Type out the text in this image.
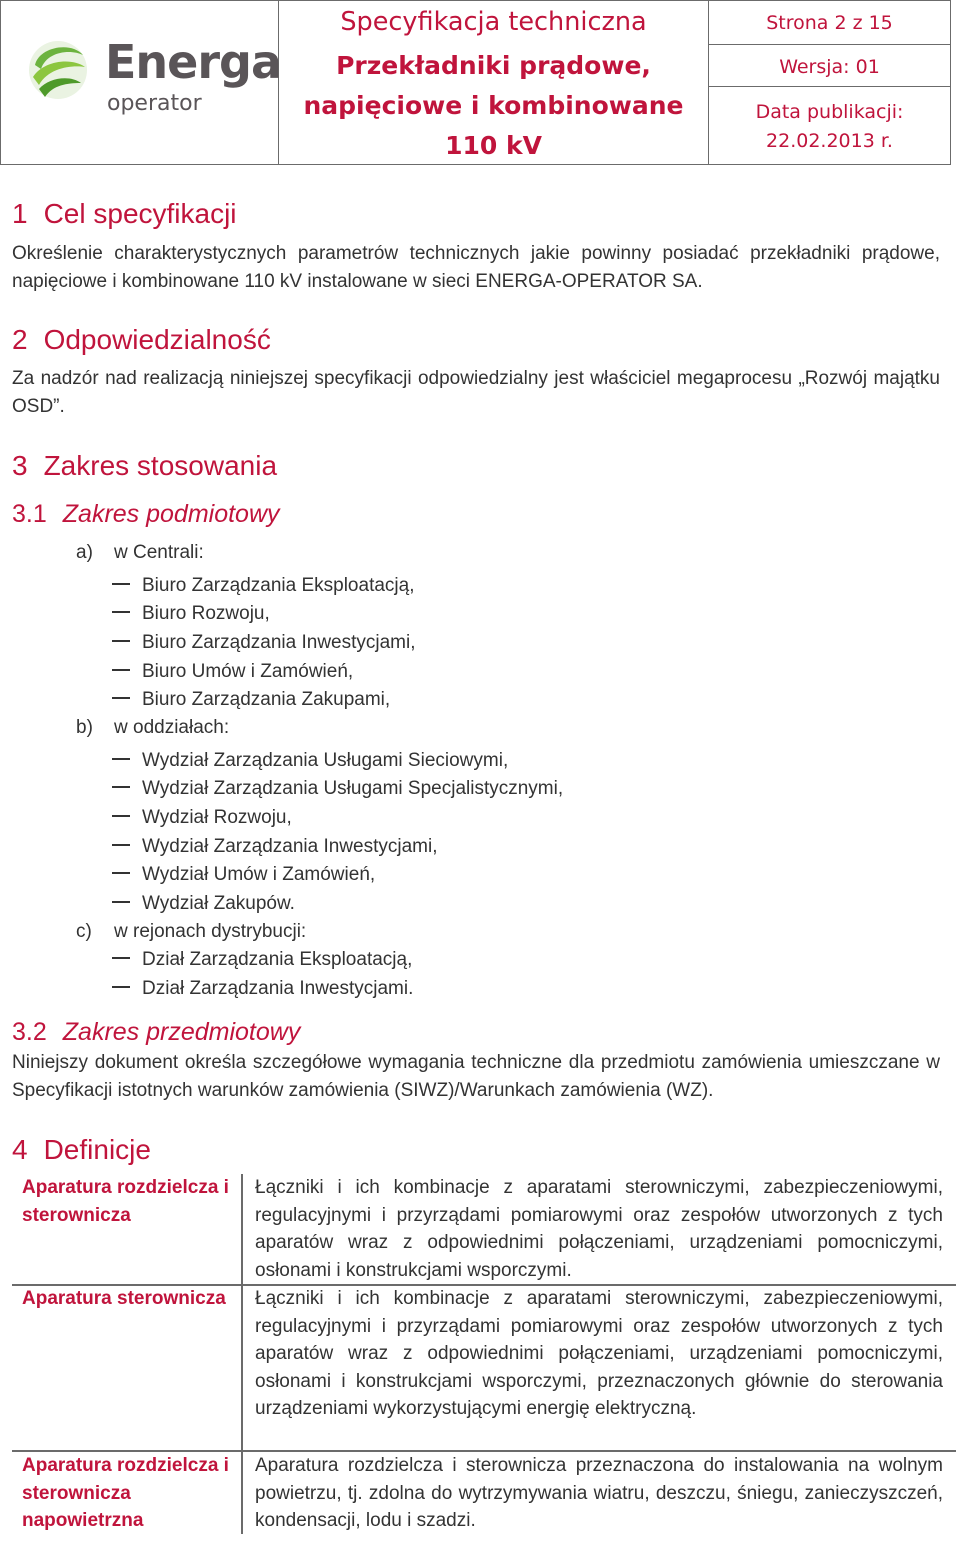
Energa
operator
Specyfikacja techniczna
Przekładniki prądowe,
napięciowe i kombinowane
110 kV
Strona 2 z 15
Wersja: 01
Data publikacji:
22.02.2013 r.
1 Cel specyfikacji
Określenie charakterystycznych parametrów technicznych jakie powinny posiadać przekładniki prądowe, napięciowe i kombinowane 110 kV instalowane w sieci ENERGA-OPERATOR SA.
2 Odpowiedzialność
Za nadzór nad realizacją niniejszej specyfikacji odpowiedzialny jest właściciel megaprocesu „Rozwój majątku OSD”.
3 Zakres stosowania
3.1 Zakres podmiotowy
a) w Centrali:
Biuro Zarządzania Eksploatacją,
Biuro Rozwoju,
Biuro Zarządzania Inwestycjami,
Biuro Umów i Zamówień,
Biuro Zarządzania Zakupami,
b) w oddziałach:
Wydział Zarządzania Usługami Sieciowymi,
Wydział Zarządzania Usługami Specjalistycznymi,
Wydział Rozwoju,
Wydział Zarządzania Inwestycjami,
Wydział Umów i Zamówień,
Wydział Zakupów.
c) w rejonach dystrybucji:
Dział Zarządzania Eksploatacją,
Dział Zarządzania Inwestycjami.
3.2 Zakres przedmiotowy
Niniejszy dokument określa szczegółowe wymagania techniczne dla przedmiotu zamówienia umieszczane w Specyfikacji istotnych warunków zamówienia (SIWZ)/Warunkach zamówienia (WZ).
4 Definicje
Aparatura rozdzielcza i sterownicza
Łączniki i ich kombinacje z aparatami sterowniczymi, zabezpieczeniowymi, regulacyjnymi i przyrządami pomiarowymi oraz zespołów utworzonych z tych aparatów wraz z odpowiednimi połączeniami, urządzeniami pomocniczymi, osłonami i konstrukcjami wsporczymi.
Aparatura sterownicza	Łączniki i ich kombinacje z aparatami sterowniczymi, zabezpieczeniowymi, regulacyjnymi i przyrządami pomiarowymi oraz zespołów utworzonych z tych aparatów wraz z odpowiednimi połączeniami, urządzeniami pomocniczymi, osłonami i konstrukcjami wsporczymi, przeznaczonych głównie do sterowania urządzeniami wykorzystującymi energię elektryczną.
Aparatura rozdzielcza i sterownicza napowietrzna
Aparatura rozdzielcza i sterownicza przeznaczona do instalowania na wolnym powietrzu, tj. zdolna do wytrzymywania wiatru, deszczu, śniegu, zanieczyszczeń, kondensacji, lodu i szadzi.
